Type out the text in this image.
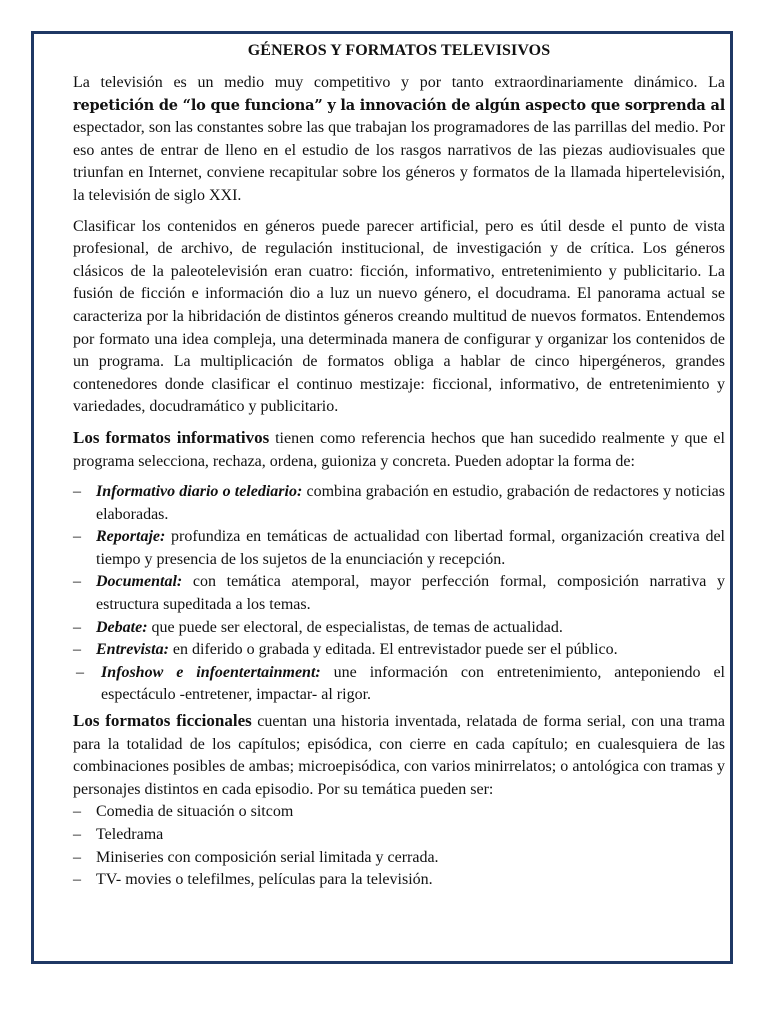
GÉNEROS Y FORMATOS TELEVISIVOS

La televisión es un medio muy competitivo y por tanto extraordinariamente dinámico. La repetición de “lo que funciona” y la innovación de algún aspecto que sorprenda al espectador, son las constantes sobre las que trabajan los programadores de las parrillas del medio. Por eso antes de entrar de lleno en el estudio de los rasgos narrativos de las piezas audiovisuales que triunfan en Internet, conviene recapitular sobre los géneros y formatos de la llamada hipertelevisión, la televisión de siglo XXI.

Clasificar los contenidos en géneros puede parecer artificial, pero es útil desde el punto de vista profesional, de archivo, de regulación institucional, de investigación y de crítica. Los géneros clásicos de la paleotelevisión eran cuatro: ficción, informativo, entretenimiento y publicitario. La fusión de ficción e información dio a luz un nuevo género, el docudrama. El panorama actual se caracteriza por la hibridación de distintos géneros creando multitud de nuevos formatos. Entendemos por formato una idea compleja, una determinada manera de configurar y organizar los contenidos de un programa. La multiplicación de formatos obliga a hablar de cinco hipergéneros, grandes contenedores donde clasificar el continuo mestizaje: ficcional, informativo, de entretenimiento y variedades, docudramático y publicitario.

Los formatos informativos tienen como referencia hechos que han sucedido realmente y que el programa selecciona, rechaza, ordena, guioniza y concreta. Pueden adoptar la forma de:

– Informativo diario o telediario: combina grabación en estudio, grabación de redactores y noticias elaboradas.
– Reportaje: profundiza en temáticas de actualidad con libertad formal, organización creativa del tiempo y presencia de los sujetos de la enunciación y recepción.
– Documental: con temática atemporal, mayor perfección formal, composición narrativa y estructura supeditada a los temas.
– Debate: que puede ser electoral, de especialistas, de temas de actualidad.
– Entrevista: en diferido o grabada y editada. El entrevistador puede ser el público.
– Infoshow e infoentertainment: une información con entretenimiento, anteponiendo el espectáculo -entretener, impactar- al rigor.

Los formatos ficcionales cuentan una historia inventada, relatada de forma serial, con una trama para la totalidad de los capítulos; episódica, con cierre en cada capítulo; en cualesquiera de las combinaciones posibles de ambas; microepisódica, con varios minirrelatos; o antológica con tramas y personajes distintos en cada episodio. Por su temática pueden ser:

– Comedia de situación o sitcom
– Teledrama
– Miniseries con composición serial limitada y cerrada.
– TV- movies o telefilmes, películas para la televisión.
